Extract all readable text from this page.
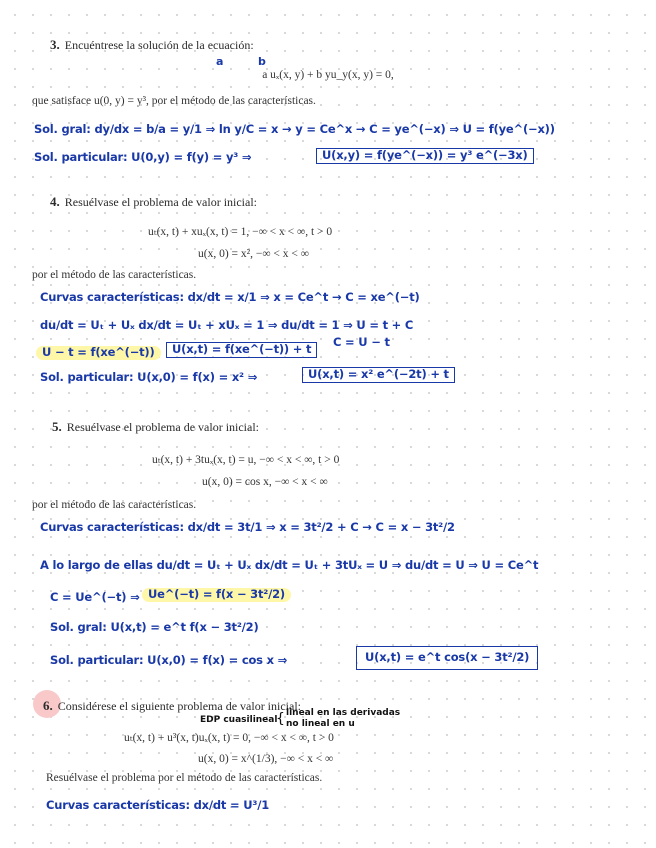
3. Encuéntrese la solución de la ecuación:
a	b
a uₓ(x, y) + b yu_y(x, y) = 0,
que satisface u(0, y) = y³, por el método de las características.
Sol. gral: dy/dx = b/a = y/1 ⇒ ln y/C = x → y = Ce^x → C = ye^(−x) ⇒ U = f(ye^(−x))
Sol. particular: U(0,y) = f(y) = y³ ⇒	U(x,y) = f(ye^(−x)) = y³ e^(−3x)
4. Resuélvase el problema de valor inicial:
uₜ(x, t) + xuₓ(x, t) = 1, −∞ < x < ∞, t > 0
u(x, 0) = x², −∞ < x < ∞
por el método de las características.
Curvas características: dx/dt = x/1 ⇒ x = Ce^t → C = xe^(−t)
du/dt = Uₜ + Uₓ dx/dt = Uₜ + xUₓ = 1 ⇒ du/dt = 1 ⇒ U = t + C
C = U − t
U − t = f(xe^(−t))	U(x,t) = f(xe^(−t)) + t
Sol. particular: U(x,0) = f(x) = x² ⇒	U(x,t) = x² e^(−2t) + t
5. Resuélvase el problema de valor inicial:
uₜ(x, t) + 3tuₓ(x, t) = u, −∞ < x < ∞, t > 0
u(x, 0) = cos x, −∞ < x < ∞
por el método de las características.
Curvas características: dx/dt = 3t/1 ⇒ x = 3t²/2 + C → C = x − 3t²/2
A lo largo de ellas du/dt = Uₜ + Uₓ dx/dt = Uₜ + 3tUₓ = U ⇒ du/dt = U ⇒ U = Ce^t
C = Ue^(−t) ⇒ Ue^(−t) = f(x − 3t²/2)
Sol. gral: U(x,t) = e^t f(x − 3t²/2)
Sol. particular: U(x,0) = f(x) = cos x ⇒	U(x,t) = e^t cos(x − 3t²/2)
6. Considérese el siguiente problema de valor inicial:
EDP cuasilineal
{ lineal en las derivadas
no lineal en u
uₜ(x, t) + u³(x, t)uₓ(x, t) = 0, −∞ < x < ∞, t > 0
u(x, 0) = x^(1/3), −∞ < x < ∞
Resuélvase el problema por el método de las características.
Curvas características: dx/dt = U³/1
